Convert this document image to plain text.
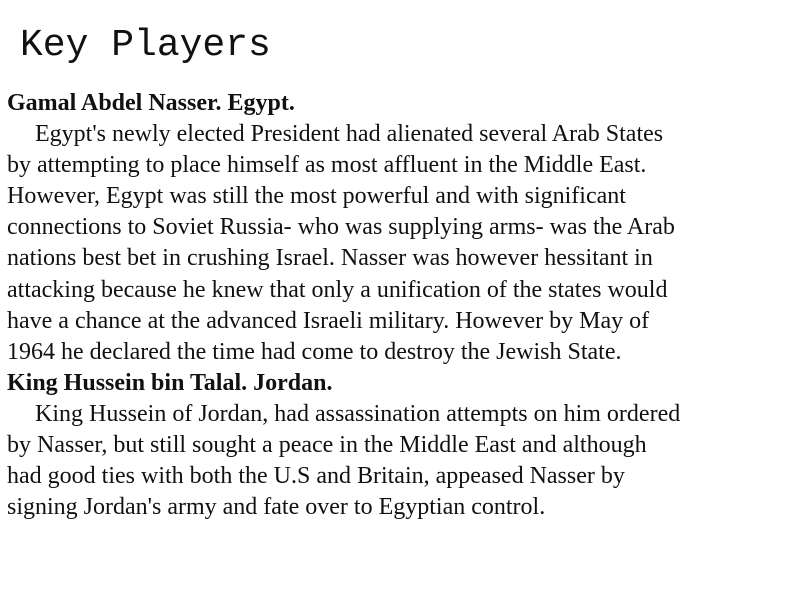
Key Players

Gamal Abdel Nasser. Egypt.

Egypt's newly elected President had alienated several Arab States

by attempting to place himself as most affluent in the Middle East.

However, Egypt was still the most powerful and with significant

connections to Soviet Russia- who was supplying arms- was the Arab

nations best bet in crushing Israel. Nasser was however hessitant in

attacking because he knew that only a unification of the states would

have a chance at the advanced Israeli military. However by May of

1964 he declared the time had come to destroy the Jewish State.

King Hussein bin Talal. Jordan.

King Hussein of Jordan, had assassination attempts on him ordered

by Nasser, but still sought a peace in the Middle East and although

had good ties with both the U.S and Britain, appeased Nasser by

signing Jordan's army and fate over to Egyptian control.
